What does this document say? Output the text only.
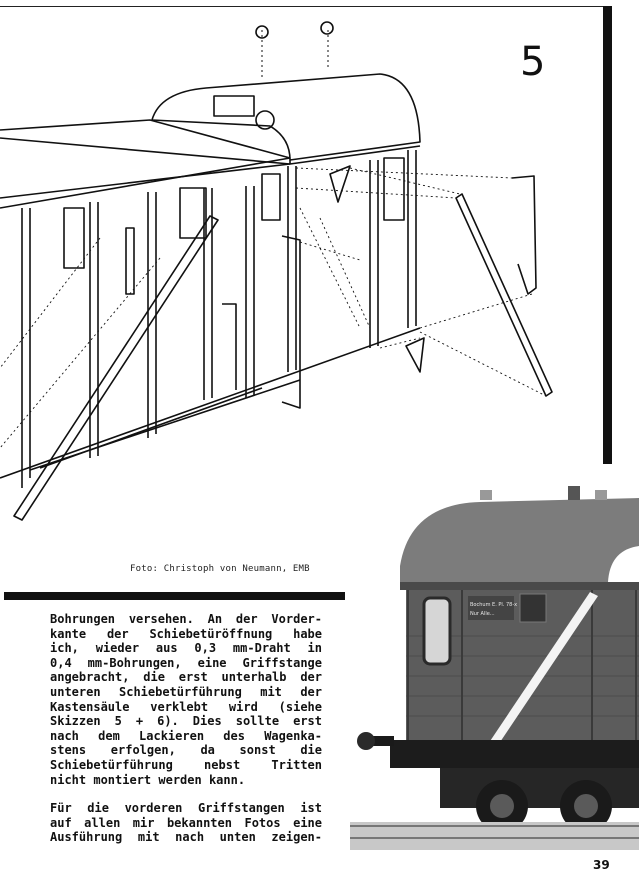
5
Bochum E. Pl. 78-x
Nur Alle...
Foto: Christoph von Neumann, EMB
Bohrungen versehen. An der Vorder-
kante der Schiebetüröffnung habe
ich, wieder aus 0,3 mm-Draht in
0,4 mm-Bohrungen, eine Griffstange
angebracht, die erst unterhalb der
unteren Schiebetürführung mit der
Kastensäule verklebt wird (siehe
Skizzen 5 + 6). Dies sollte erst
nach dem Lackieren des Wagenka-
stens erfolgen, da sonst die
Schiebetürführung nebst Tritten
nicht montiert werden kann.
Für die vorderen Griffstangen ist
auf allen mir bekannten Fotos eine
Ausführung mit nach unten zeigen-
39
